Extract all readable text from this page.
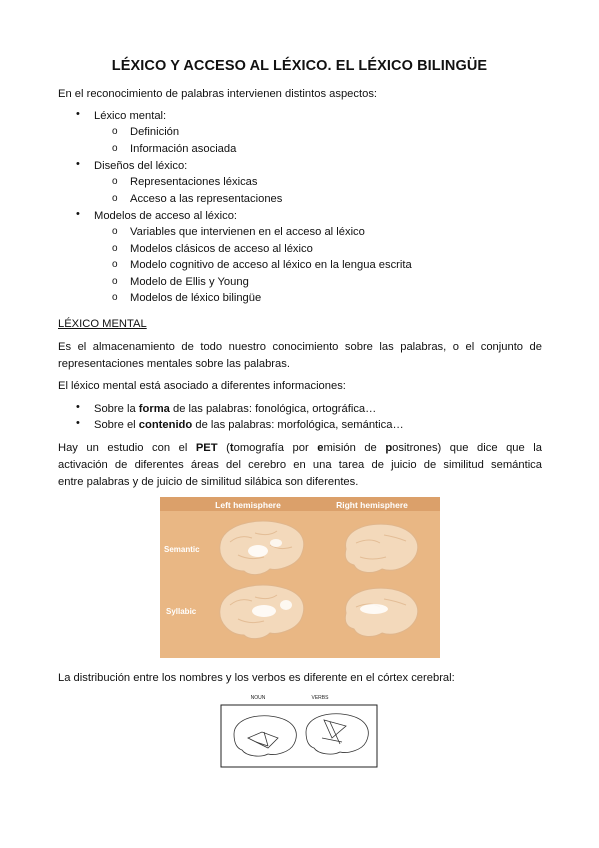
LÉXICO Y ACCESO AL LÉXICO. EL LÉXICO BILINGÜE
En el reconocimiento de palabras intervienen distintos aspectos:
• Léxico mental:
o Definición
o Información asociada
• Diseños del léxico:
o Representaciones léxicas
o Acceso a las representaciones
• Modelos de acceso al léxico:
o Variables que intervienen en el acceso al léxico
o Modelos clásicos de acceso al léxico
o Modelo cognitivo de acceso al léxico en la lengua escrita
o Modelo de Ellis y Young
o Modelos de léxico bilingüe
LÉXICO MENTAL
Es el almacenamiento de todo nuestro conocimiento sobre las palabras, o el conjunto de representaciones mentales sobre las palabras.
El léxico mental está asociado a diferentes informaciones:
• Sobre la forma de las palabras: fonológica, ortográfica…
• Sobre el contenido de las palabras: morfológica, semántica…
Hay un estudio con el PET (tomografía por emisión de positrones) que dice que la
activación de diferentes áreas del cerebro en una tarea de juicio de similitud semántica
entre palabras y de juicio de similitud silábica son diferentes.
Left hemisphere	Right hemisphere
Semantic
Syllabic
La distribución entre los nombres y los verbos es diferente en el córtex cerebral:
NOUN	VERBS
